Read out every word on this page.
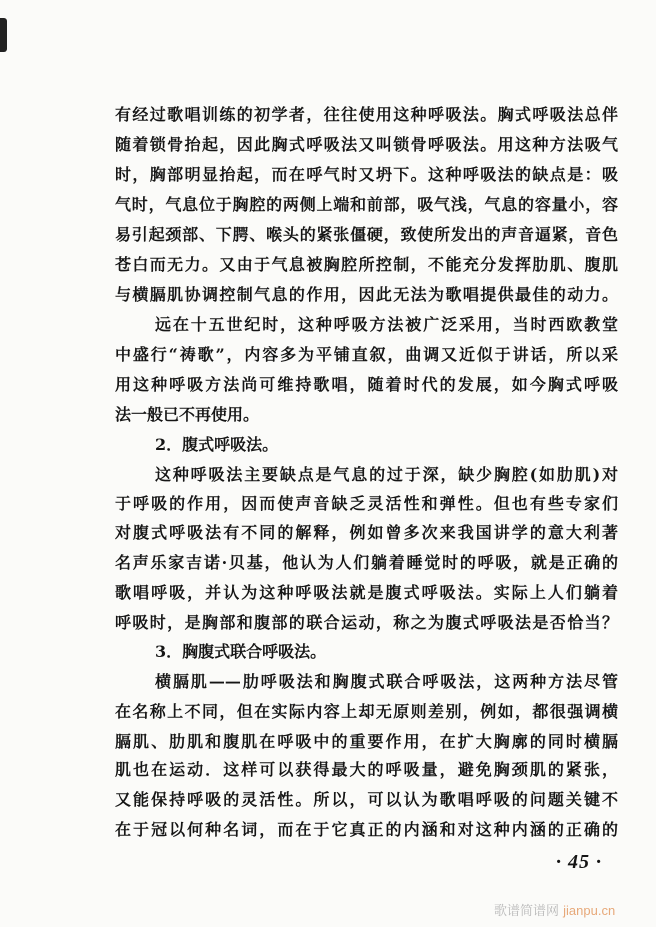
有经过歌唱训练的初学者，往往使用这种呼吸法。胸式呼吸法总伴
随着锁骨抬起，因此胸式呼吸法又叫锁骨呼吸法。用这种方法吸气
时，胸部明显抬起，而在呼气时又坍下。这种呼吸法的缺点是：吸
气时，气息位于胸腔的两侧上端和前部，吸气浅，气息的容量小，容
易引起颈部、下腭、喉头的紧张僵硬，致使所发出的声音逼紧，音色
苍白而无力。又由于气息被胸腔所控制，不能充分发挥肋肌、腹肌
与横膈肌协调控制气息的作用，因此无法为歌唱提供最佳的动力。
远在十五世纪时，这种呼吸方法被广泛采用，当时西欧教堂
中盛行“祷歌”，内容多为平铺直叙，曲调又近似于讲话，所以采
用这种呼吸方法尚可维持歌唱，随着时代的发展，如今胸式呼吸
法一般已不再使用。
2．腹式呼吸法。
这种呼吸法主要缺点是气息的过于深，缺少胸腔(如肋肌)对
于呼吸的作用，因而使声音缺乏灵活性和弹性。但也有些专家们
对腹式呼吸法有不同的解释，例如曾多次来我国讲学的意大利著
名声乐家吉诺·贝基，他认为人们躺着睡觉时的呼吸，就是正确的
歌唱呼吸，并认为这种呼吸法就是腹式呼吸法。实际上人们躺着
呼吸时，是胸部和腹部的联合运动，称之为腹式呼吸法是否恰当？
3．胸腹式联合呼吸法。
横膈肌——肋呼吸法和胸腹式联合呼吸法，这两种方法尽管
在名称上不同，但在实际内容上却无原则差别，例如，都很强调横
膈肌、肋肌和腹肌在呼吸中的重要作用，在扩大胸廓的同时横膈
肌也在运动．这样可以获得最大的呼吸量，避免胸颈肌的紧张，
又能保持呼吸的灵活性。所以，可以认为歌唱呼吸的问题关键不
在于冠以何种名词，而在于它真正的内涵和对这种内涵的正确的
· 45 ·
歌谱简谱网 jianpu.cn
